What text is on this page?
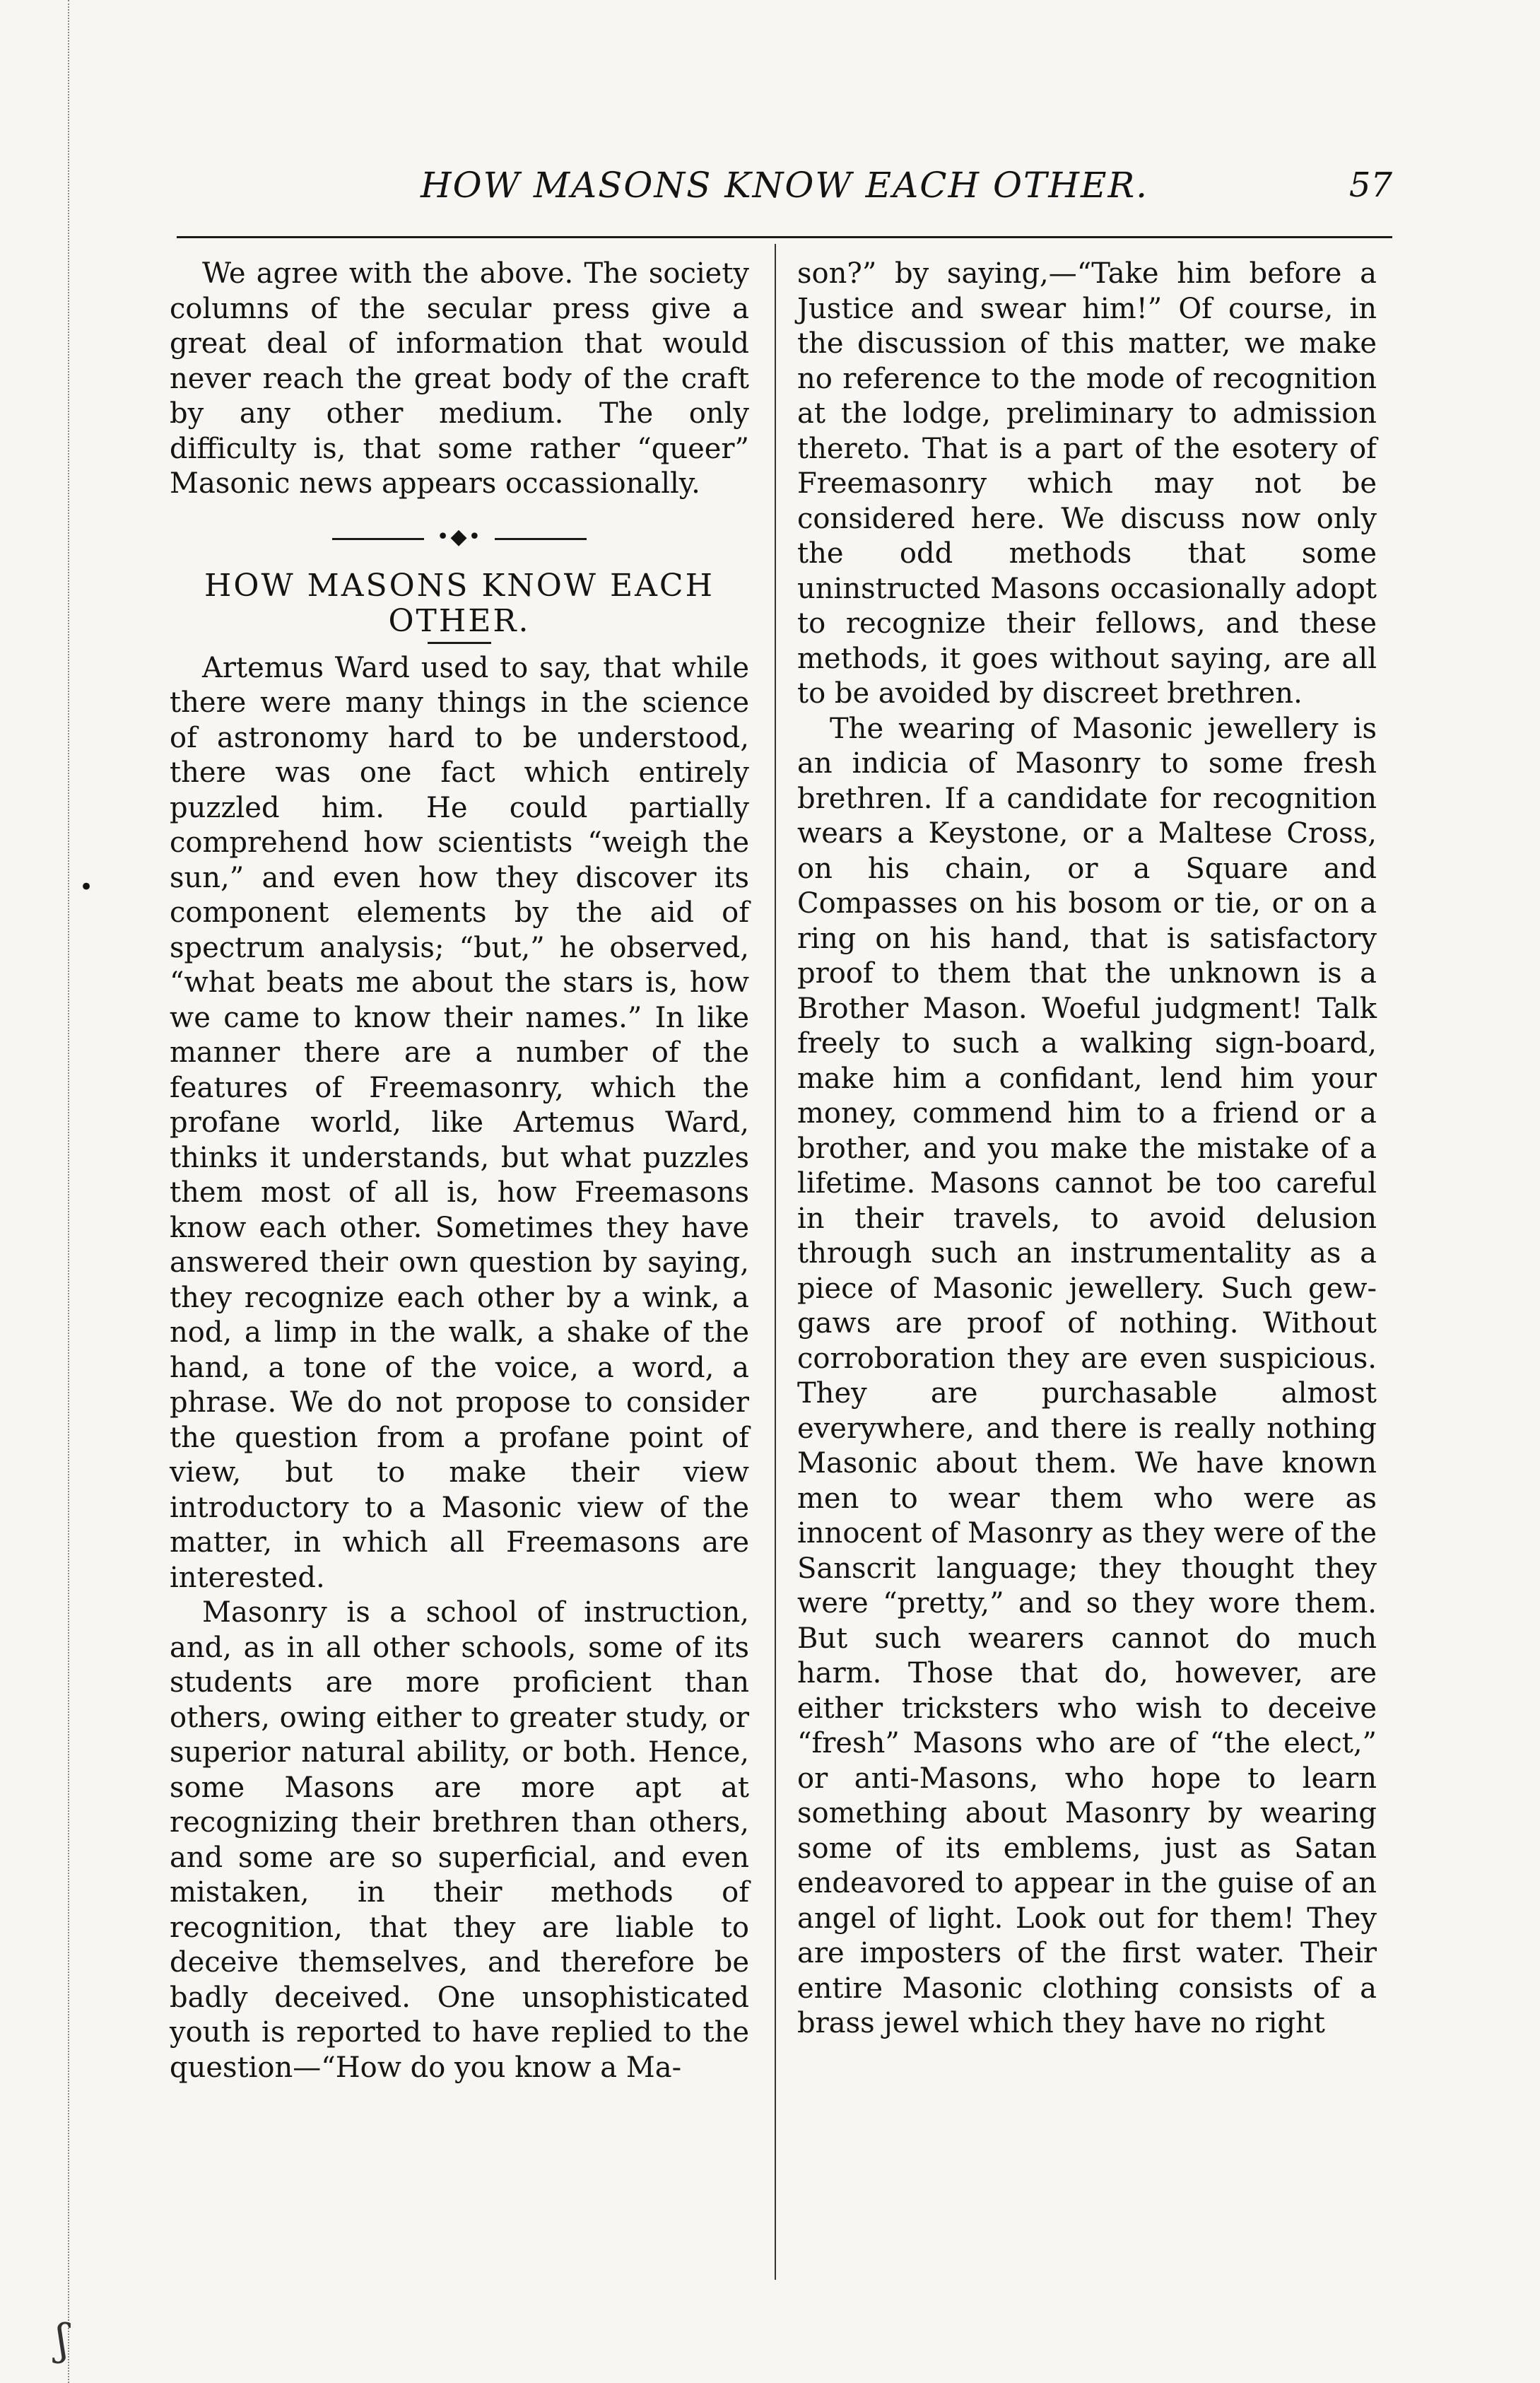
•
ʃ
HOW MASONS KNOW EACH OTHER.	57

We agree with the above. The society columns of the secular press give a great deal of information that would never reach the great body of the craft by any other medium. The only difficulty is, that some rather “queer” Masonic news appears occassionally.

•◆•
HOW MASONS KNOW EACH OTHER.

Artemus Ward used to say, that while there were many things in the science of astronomy hard to be understood, there was one fact which entirely puzzled him. He could partially comprehend how scientists “weigh the sun,” and even how they discover its component elements by the aid of spectrum analysis; “but,” he observed, “what beats me about the stars is, how we came to know their names.” In like manner there are a number of the features of Freemasonry, which the profane world, like Artemus Ward, thinks it understands, but what puzzles them most of all is, how Freemasons know each other. Sometimes they have answered their own question by saying, they recognize each other by a wink, a nod, a limp in the walk, a shake of the hand, a tone of the voice, a word, a phrase. We do not propose to consider the question from a profane point of view, but to make their view introductory to a Masonic view of the matter, in which all Freemasons are interested.

Masonry is a school of instruction, and, as in all other schools, some of its students are more proficient than others, owing either to greater study, or superior natural ability, or both. Hence, some Masons are more apt at recognizing their brethren than others, and some are so superficial, and even mistaken, in their methods of recognition, that they are liable to deceive themselves, and therefore be badly deceived. One unsophisticated youth is reported to have replied to the question—“How do you know a Ma-

son?” by saying,—“Take him before a Justice and swear him!” Of course, in the discussion of this matter, we make no reference to the mode of recognition at the lodge, preliminary to admission thereto. That is a part of the esotery of Freemasonry which may not be considered here. We discuss now only the odd methods that some uninstructed Masons occasionally adopt to recognize their fellows, and these methods, it goes without saying, are all to be avoided by discreet brethren.

The wearing of Masonic jewellery is an indicia of Masonry to some fresh brethren. If a candidate for recognition wears a Keystone, or a Maltese Cross, on his chain, or a Square and Compasses on his bosom or tie, or on a ring on his hand, that is satisfactory proof to them that the unknown is a Brother Mason. Woeful judgment! Talk freely to such a walking sign-board, make him a confidant, lend him your money, commend him to a friend or a brother, and you make the mistake of a lifetime. Masons cannot be too careful in their travels, to avoid delusion through such an instrumentality as a piece of Masonic jewellery. Such gew-gaws are proof of nothing. Without corroboration they are even suspicious. They are purchasable almost everywhere, and there is really nothing Masonic about them. We have known men to wear them who were as innocent of Masonry as they were of the Sanscrit language; they thought they were “pretty,” and so they wore them. But such wearers cannot do much harm. Those that do, however, are either tricksters who wish to deceive “fresh” Masons who are of “the elect,” or anti-Masons, who hope to learn something about Masonry by wearing some of its emblems, just as Satan endeavored to appear in the guise of an angel of light. Look out for them! They are imposters of the first water. Their entire Masonic clothing consists of a brass jewel which they have no right
